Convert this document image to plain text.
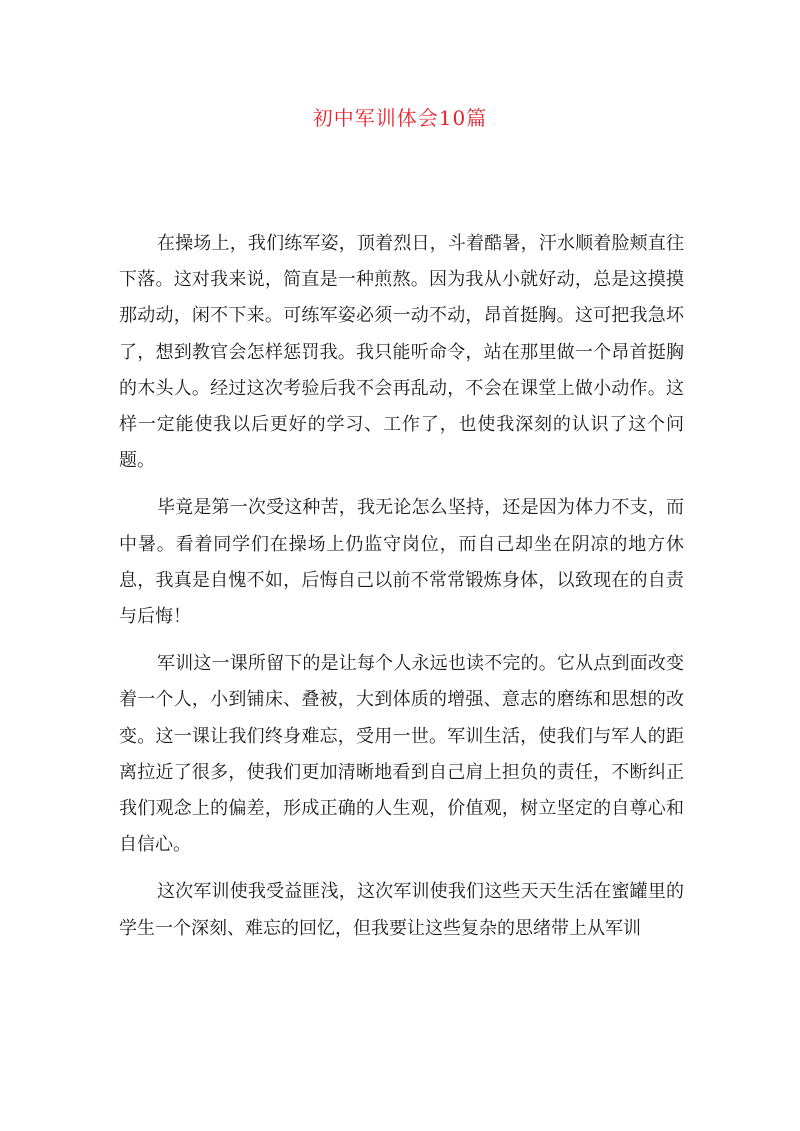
初中军训体会10篇

在操场上，我们练军姿，顶着烈日，斗着酷暑，汗水顺着脸颊直往下落。这对我来说，简直是一种煎熬。因为我从小就好动，总是这摸摸那动动，闲不下来。可练军姿必须一动不动，昂首挺胸。这可把我急坏了，想到教官会怎样惩罚我。我只能听命令，站在那里做一个昂首挺胸的木头人。经过这次考验后我不会再乱动，不会在课堂上做小动作。这样一定能使我以后更好的学习、工作了，也使我深刻的认识了这个问题。

毕竟是第一次受这种苦，我无论怎么坚持，还是因为体力不支，而中暑。看着同学们在操场上仍监守岗位，而自己却坐在阴凉的地方休息，我真是自愧不如，后悔自己以前不常常锻炼身体，以致现在的自责与后悔！

军训这一课所留下的是让每个人永远也读不完的。它从点到面改变着一个人，小到铺床、叠被，大到体质的增强、意志的磨练和思想的改变。这一课让我们终身难忘，受用一世。军训生活，使我们与军人的距离拉近了很多，使我们更加清晰地看到自己肩上担负的责任，不断纠正我们观念上的偏差，形成正确的人生观，价值观，树立坚定的自尊心和自信心。

这次军训使我受益匪浅，这次军训使我们这些天天生活在蜜罐里的学生一个深刻、难忘的回忆，但我要让这些复杂的思绪带上从军训
